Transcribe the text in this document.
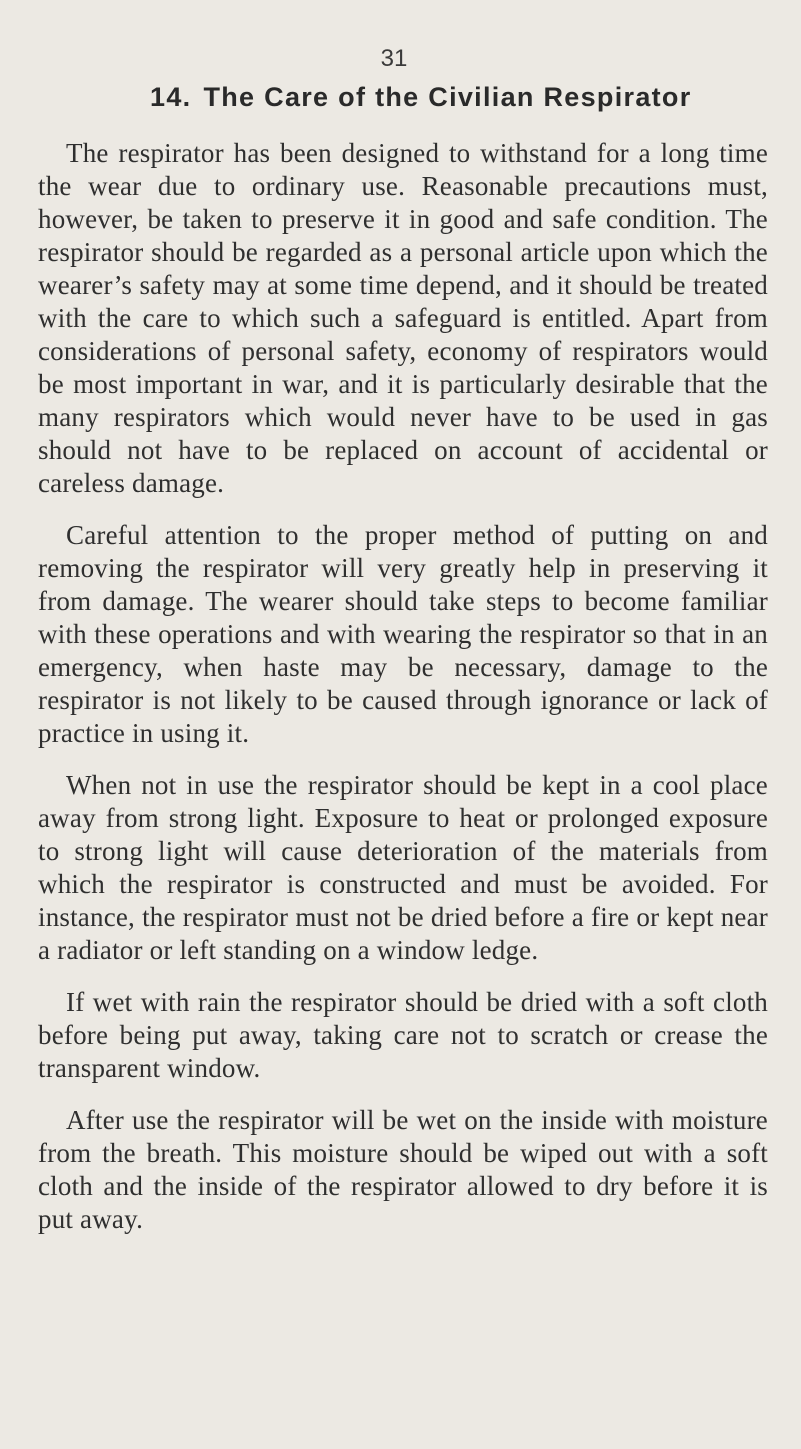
31
14. The Care of the Civilian Respirator

The respirator has been designed to withstand for a long time the wear due to ordinary use. Reasonable precautions must, however, be taken to preserve it in good and safe condition. The respirator should be regarded as a personal article upon which the wearer’s safety may at some time depend, and it should be treated with the care to which such a safeguard is entitled. Apart from considerations of personal safety, economy of respirators would be most important in war, and it is particularly desirable that the many respirators which would never have to be used in gas should not have to be replaced on account of accidental or careless damage.

Careful attention to the proper method of putting on and removing the respirator will very greatly help in preserving it from damage. The wearer should take steps to become familiar with these operations and with wearing the respirator so that in an emergency, when haste may be necessary, damage to the respirator is not likely to be caused through ignorance or lack of practice in using it.

When not in use the respirator should be kept in a cool place away from strong light. Exposure to heat or prolonged exposure to strong light will cause deterioration of the materials from which the respirator is constructed and must be avoided. For instance, the respirator must not be dried before a fire or kept near a radiator or left standing on a window ledge.

If wet with rain the respirator should be dried with a soft cloth before being put away, taking care not to scratch or crease the transparent window.

After use the respirator will be wet on the inside with moisture from the breath. This moisture should be wiped out with a soft cloth and the inside of the respirator allowed to dry before it is put away.
